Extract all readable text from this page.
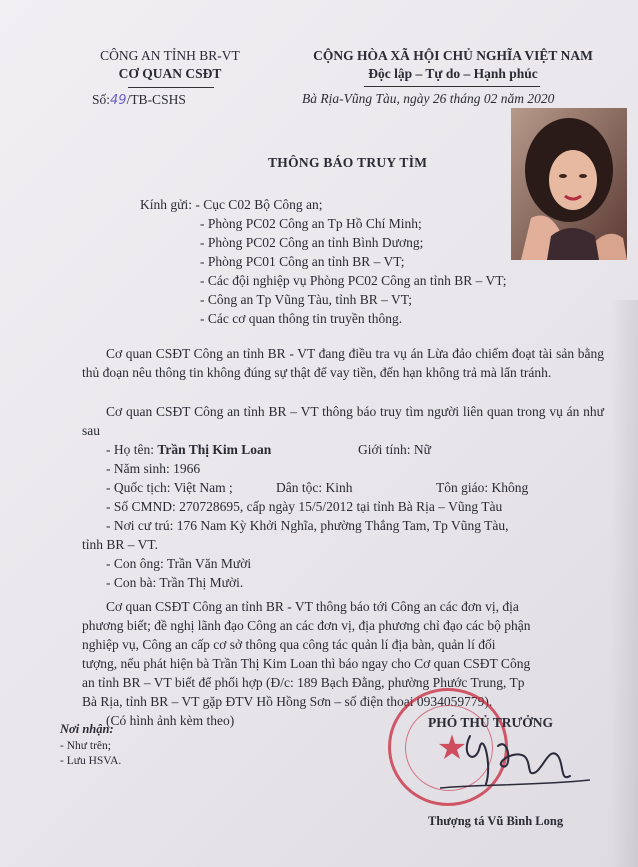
CÔNG AN TỈNH BR-VT
CƠ QUAN CSĐT
Số:49/TB-CSHS
CỘNG HÒA XÃ HỘI CHỦ NGHĨA VIỆT NAM
Độc lập – Tự do – Hạnh phúc
Bà Rịa-Vũng Tàu, ngày 26 tháng 02 năm 2020
THÔNG BÁO TRUY TÌM
Kính gửi: - Cục C02 Bộ Công an;
- Phòng PC02 Công an Tp Hồ Chí Minh;
- Phòng PC02 Công an tỉnh Bình Dương;
- Phòng PC01 Công an tỉnh BR – VT;
- Các đội nghiệp vụ Phòng PC02 Công an tỉnh BR – VT;
- Công an Tp Vũng Tàu, tỉnh BR – VT;
- Các cơ quan thông tin truyền thông.
Cơ quan CSĐT Công an tỉnh BR - VT đang điều tra vụ án Lừa đảo chiếm đoạt tài sản bằng thủ đoạn nêu thông tin không đúng sự thật để vay tiền, đến hạn không trả mà lẩn tránh.
Cơ quan CSĐT Công an tỉnh BR – VT thông báo truy tìm người liên quan trong vụ án như sau
- Họ tên: Trần Thị Kim Loan	Giới tính: Nữ
- Năm sinh: 1966
- Quốc tịch: Việt Nam ;	Dân tộc: Kinh	Tôn giáo: Không
- Số CMND: 270728695, cấp ngày 15/5/2012 tại tỉnh Bà Rịa – Vũng Tàu
- Nơi cư trú: 176 Nam Kỳ Khởi Nghĩa, phường Thắng Tam, Tp Vũng Tàu,
tỉnh BR – VT.
- Con ông: Trần Văn Mười
- Con bà: Trần Thị Mười.
Cơ quan CSĐT Công an tỉnh BR - VT thông báo tới Công an các đơn vị, địa
phương biết; đề nghị lãnh đạo Công an các đơn vị, địa phương chỉ đạo các bộ phận
nghiệp vụ, Công an cấp cơ sở thông qua công tác quản lí địa bàn, quản lí đối
tượng, nếu phát hiện bà Trần Thị Kim Loan thì báo ngay cho Cơ quan CSĐT Công
an tỉnh BR – VT biết để phối hợp (Đ/c: 189 Bạch Đằng, phường Phước Trung, Tp
Bà Rịa, tỉnh BR – VT gặp ĐTV Hồ Hồng Sơn – số điện thoại 0934059779).
(Có hình ảnh kèm theo)
Nơi nhận:
- Như trên;
- Lưu HSVA.	★
PHÓ THỦ TRƯỞNG
Thượng tá Vũ Bình Long
